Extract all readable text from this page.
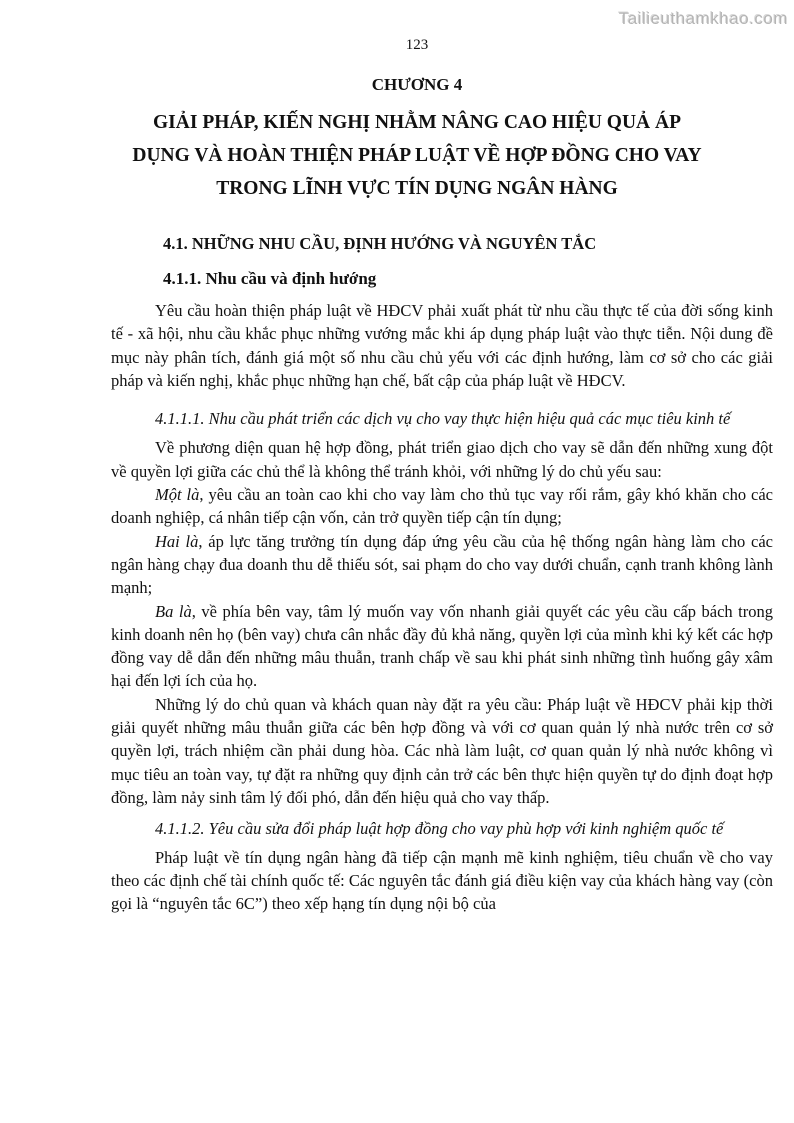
Tailieuthamkhao.com
123
CHƯƠNG 4
GIẢI PHÁP, KIẾN NGHỊ NHẰM NÂNG CAO HIỆU QUẢ ÁP
DỤNG VÀ HOÀN THIỆN PHÁP LUẬT VỀ HỢP ĐỒNG CHO VAY
TRONG LĨNH VỰC TÍN DỤNG NGÂN HÀNG
4.1. NHỮNG NHU CẦU, ĐỊNH HƯỚNG VÀ NGUYÊN TẮC
4.1.1. Nhu cầu và định hướng

Yêu cầu hoàn thiện pháp luật về HĐCV phải xuất phát từ nhu cầu thực tế của đời sống kinh tế - xã hội, nhu cầu khắc phục những vướng mắc khi áp dụng pháp luật vào thực tiễn. Nội dung đề mục này phân tích, đánh giá một số nhu cầu chủ yếu với các định hướng, làm cơ sở cho các giải pháp và kiến nghị, khắc phục những hạn chế, bất cập của pháp luật về HĐCV.

4.1.1.1. Nhu cầu phát triển các dịch vụ cho vay thực hiện hiệu quả các mục tiêu kinh tế

Về phương diện quan hệ hợp đồng, phát triển giao dịch cho vay sẽ dẫn đến những xung đột về quyền lợi giữa các chủ thể là không thể tránh khỏi, với những lý do chủ yếu sau:

Một là, yêu cầu an toàn cao khi cho vay làm cho thủ tục vay rối rắm, gây khó khăn cho các doanh nghiệp, cá nhân tiếp cận vốn, cản trở quyền tiếp cận tín dụng;

Hai là, áp lực tăng trưởng tín dụng đáp ứng yêu cầu của hệ thống ngân hàng làm cho các ngân hàng chạy đua doanh thu dễ thiếu sót, sai phạm do cho vay dưới chuẩn, cạnh tranh không lành mạnh;

Ba là, về phía bên vay, tâm lý muốn vay vốn nhanh giải quyết các yêu cầu cấp bách trong kinh doanh nên họ (bên vay) chưa cân nhắc đầy đủ khả năng, quyền lợi của mình khi ký kết các hợp đồng vay dễ dẫn đến những mâu thuẫn, tranh chấp về sau khi phát sinh những tình huống gây xâm hại đến lợi ích của họ.

Những lý do chủ quan và khách quan này đặt ra yêu cầu: Pháp luật về HĐCV phải kịp thời giải quyết những mâu thuẫn giữa các bên hợp đồng và với cơ quan quản lý nhà nước trên cơ sở quyền lợi, trách nhiệm cần phải dung hòa. Các nhà làm luật, cơ quan quản lý nhà nước không vì mục tiêu an toàn vay, tự đặt ra những quy định cản trở các bên thực hiện quyền tự do định đoạt hợp đồng, làm nảy sinh tâm lý đối phó, dẫn đến hiệu quả cho vay thấp.

4.1.1.2. Yêu cầu sửa đổi pháp luật hợp đồng cho vay phù hợp với kinh nghiệm quốc tế

Pháp luật về tín dụng ngân hàng đã tiếp cận mạnh mẽ kinh nghiệm, tiêu chuẩn về cho vay theo các định chế tài chính quốc tế: Các nguyên tắc đánh giá điều kiện vay của khách hàng vay (còn gọi là “nguyên tắc 6C”) theo xếp hạng tín dụng nội bộ của
